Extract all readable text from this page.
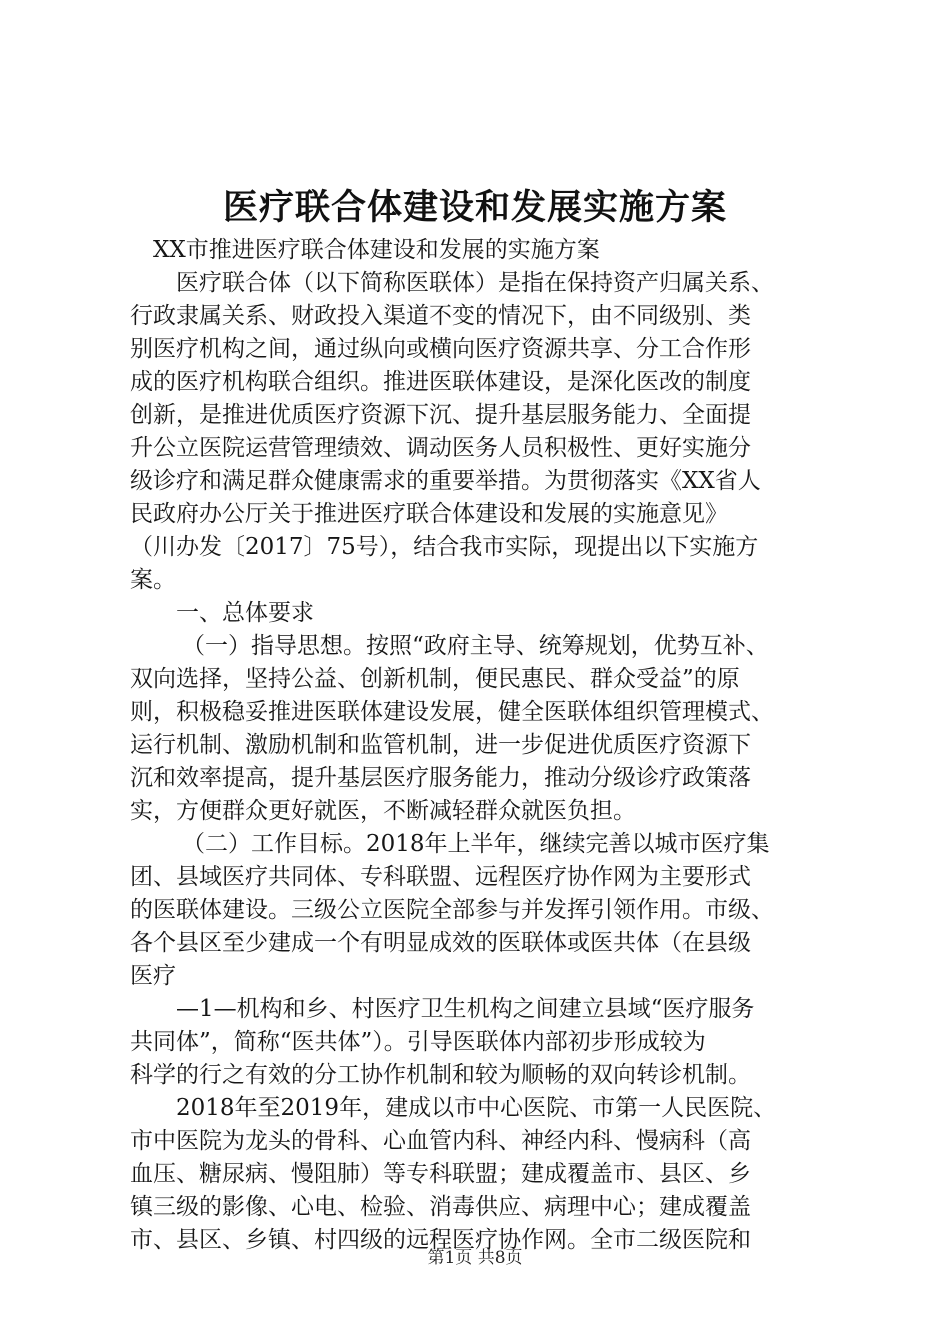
医疗联合体建设和发展实施方案
XX市推进医疗联合体建设和发展的实施方案
医疗联合体（以下简称医联体）是指在保持资产归属关系、
行政隶属关系、财政投入渠道不变的情况下，由不同级别、类
别医疗机构之间，通过纵向或横向医疗资源共享、分工合作形
成的医疗机构联合组织。推进医联体建设，是深化医改的制度
创新，是推进优质医疗资源下沉、提升基层服务能力、全面提
升公立医院运营管理绩效、调动医务人员积极性、更好实施分
级诊疗和满足群众健康需求的重要举措。为贯彻落实《XX省人
民政府办公厅关于推进医疗联合体建设和发展的实施意见》
（川办发〔2017〕75号），结合我市实际，现提出以下实施方
案。
一、总体要求
（一）指导思想。按照“政府主导、统筹规划，优势互补、
双向选择，坚持公益、创新机制，便民惠民、群众受益”的原
则，积极稳妥推进医联体建设发展，健全医联体组织管理模式、
运行机制、激励机制和监管机制，进一步促进优质医疗资源下
沉和效率提高，提升基层医疗服务能力，推动分级诊疗政策落
实，方便群众更好就医，不断减轻群众就医负担。
（二）工作目标。2018年上半年，继续完善以城市医疗集
团、县域医疗共同体、专科联盟、远程医疗协作网为主要形式
的医联体建设。三级公立医院全部参与并发挥引领作用。市级、
各个县区至少建成一个有明显成效的医联体或医共体（在县级
医疗
—1—机构和乡、村医疗卫生机构之间建立县域“医疗服务
共同体”，简称“医共体”）。引导医联体内部初步形成较为
科学的行之有效的分工协作机制和较为顺畅的双向转诊机制。
2018年至2019年，建成以市中心医院、市第一人民医院、
市中医院为龙头的骨科、心血管内科、神经内科、慢病科（高
血压、糖尿病、慢阻肺）等专科联盟；建成覆盖市、县区、乡
镇三级的影像、心电、检验、消毒供应、病理中心；建成覆盖
市、县区、乡镇、村四级的远程医疗协作网。全市二级医院和
第1页 共8页
